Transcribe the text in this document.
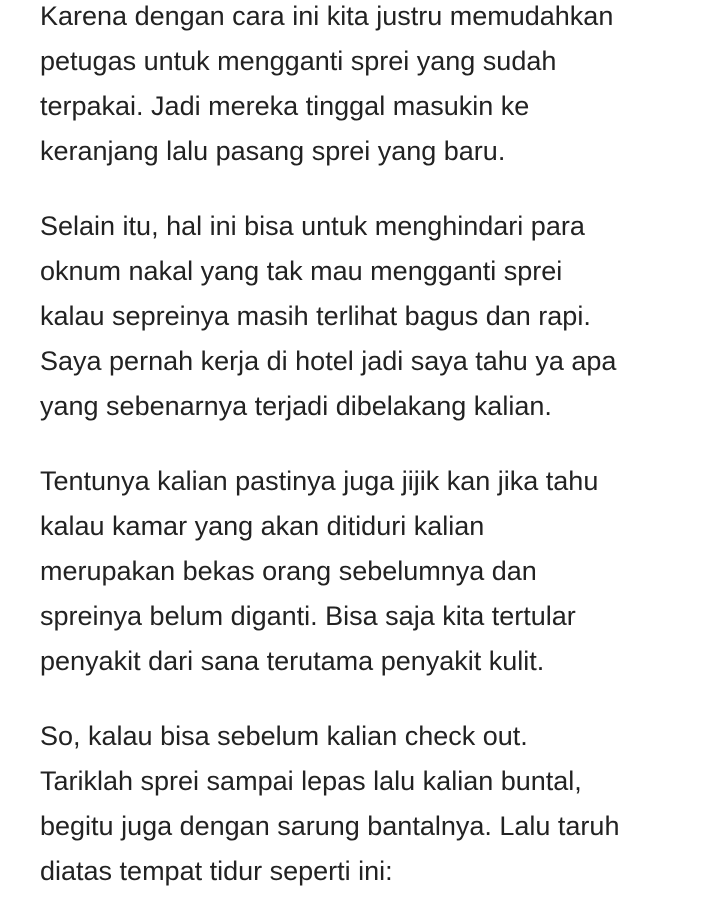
Karena dengan cara ini kita justru memudahkan
petugas untuk mengganti sprei yang sudah
terpakai. Jadi mereka tinggal masukin ke
keranjang lalu pasang sprei yang baru.

Selain itu, hal ini bisa untuk menghindari para
oknum nakal yang tak mau mengganti sprei
kalau sepreinya masih terlihat bagus dan rapi.
Saya pernah kerja di hotel jadi saya tahu ya apa
yang sebenarnya terjadi dibelakang kalian.

Tentunya kalian pastinya juga jijik kan jika tahu
kalau kamar yang akan ditiduri kalian
merupakan bekas orang sebelumnya dan
spreinya belum diganti. Bisa saja kita tertular
penyakit dari sana terutama penyakit kulit.

So, kalau bisa sebelum kalian check out.
Tariklah sprei sampai lepas lalu kalian buntal,
begitu juga dengan sarung bantalnya. Lalu taruh
diatas tempat tidur seperti ini:
